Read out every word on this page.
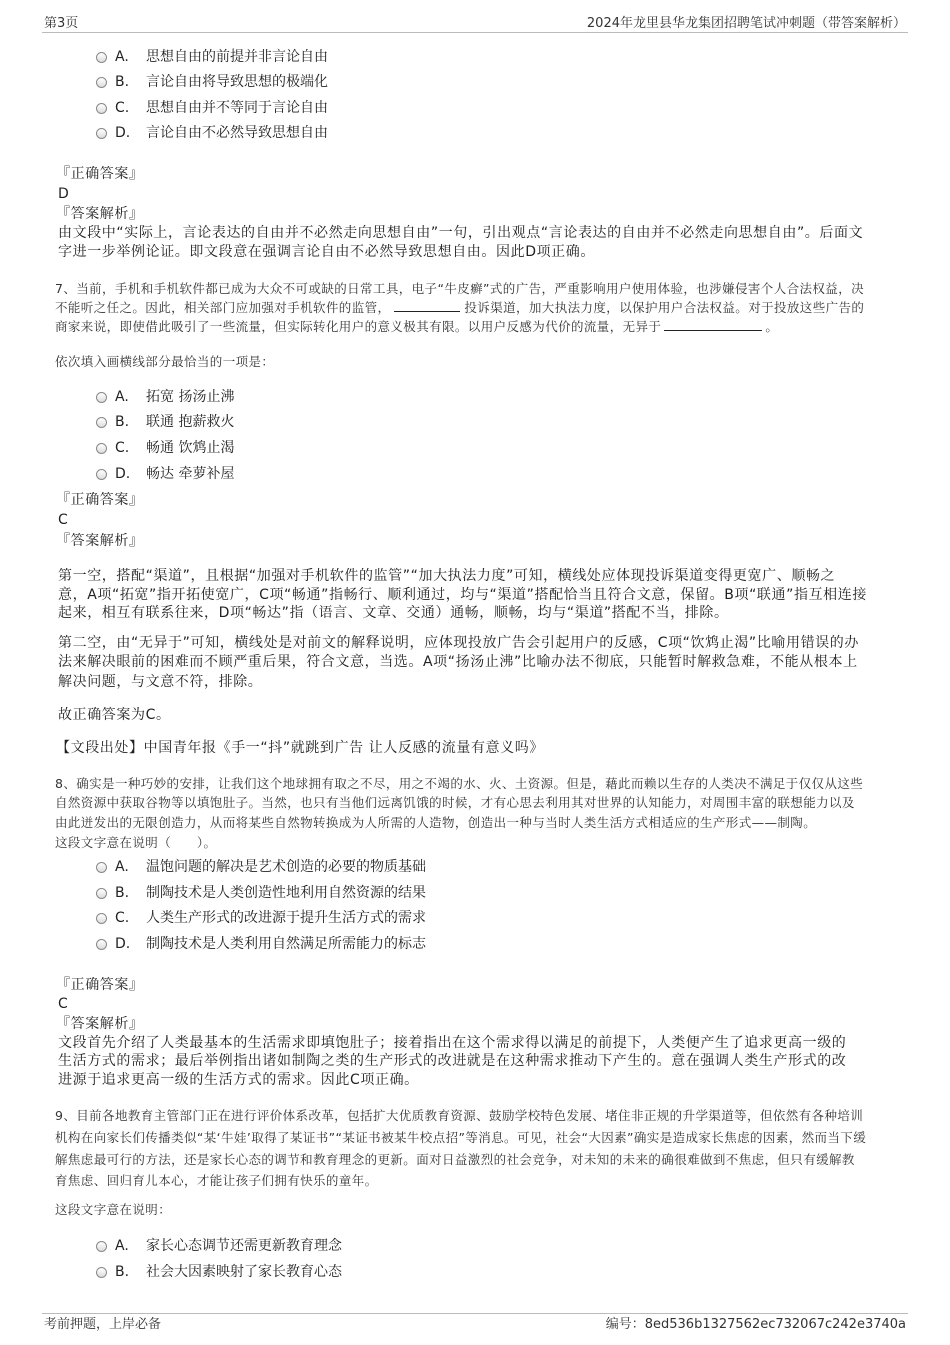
第3页	2024年龙里县华龙集团招聘笔试冲刺题（带答案解析）
A. 思想自由的前提并非言论自由
B. 言论自由将导致思想的极端化
C. 思想自由并不等同于言论自由
D. 言论自由不必然导致思想自由
『正确答案』
D
『答案解析』
由文段中“实际上，言论表达的自由并不必然走向思想自由”一句，引出观点“言论表达的自由并不必然走向思想自由”。后面文
字进一步举例论证。即文段意在强调言论自由不必然导致思想自由。因此D项正确。
7、当前，手机和手机软件都已成为大众不可或缺的日常工具，电子“牛皮癣”式的广告，严重影响用户使用体验，也涉嫌侵害个人合法权益，决
不能听之任之。因此，相关部门应加强对手机软件的监管，	投诉渠道，加大执法力度，以保护用户合法权益。对于投放这些广告的
商家来说，即使借此吸引了一些流量，但实际转化用户的意义极其有限。以用户反感为代价的流量，无异于	。
依次填入画横线部分最恰当的一项是：
A. 拓宽 扬汤止沸
B. 联通 抱薪救火
C. 畅通 饮鸩止渴
D. 畅达 牵萝补屋
『正确答案』
C
『答案解析』
第一空，搭配“渠道”，且根据“加强对手机软件的监管”“加大执法力度”可知，横线处应体现投诉渠道变得更宽广、顺畅之
意，A项“拓宽”指开拓使宽广，C项“畅通”指畅行、顺利通过，均与“渠道”搭配恰当且符合文意，保留。B项“联通”指互相连接
起来，相互有联系往来，D项“畅达”指（语言、文章、交通）通畅，顺畅，均与“渠道”搭配不当，排除。
第二空，由“无异于”可知，横线处是对前文的解释说明，应体现投放广告会引起用户的反感，C项“饮鸩止渴”比喻用错误的办
法来解决眼前的困难而不顾严重后果，符合文意，当选。A项“扬汤止沸”比喻办法不彻底，只能暂时解救急难，不能从根本上
解决问题，与文意不符，排除。
故正确答案为C。
【文段出处】中国青年报《手一“抖”就跳到广告 让人反感的流量有意义吗》
8、确实是一种巧妙的安排，让我们这个地球拥有取之不尽，用之不竭的水、火、土资源。但是，藉此而赖以生存的人类决不满足于仅仅从这些
自然资源中获取谷物等以填饱肚子。当然，也只有当他们远离饥饿的时候，才有心思去利用其对世界的认知能力，对周围丰富的联想能力以及
由此迸发出的无限创造力，从而将某些自然物转换成为人所需的人造物，创造出一种与当时人类生活方式相适应的生产形式——制陶。
这段文字意在说明（　　）。
A. 温饱问题的解决是艺术创造的必要的物质基础
B. 制陶技术是人类创造性地利用自然资源的结果
C. 人类生产形式的改进源于提升生活方式的需求
D. 制陶技术是人类利用自然满足所需能力的标志
『正确答案』
C
『答案解析』
文段首先介绍了人类最基本的生活需求即填饱肚子；接着指出在这个需求得以满足的前提下，人类便产生了追求更高一级的
生活方式的需求；最后举例指出诸如制陶之类的生产形式的改进就是在这种需求推动下产生的。意在强调人类生产形式的改
进源于追求更高一级的生活方式的需求。因此C项正确。
9、目前各地教育主管部门正在进行评价体系改革，包括扩大优质教育资源、鼓励学校特色发展、堵住非正规的升学渠道等，但依然有各种培训
机构在向家长们传播类似“某‘牛娃’取得了某证书”“某证书被某牛校点招”等消息。可见，社会“大因素”确实是造成家长焦虑的因素，然而当下缓
解焦虑最可行的方法，还是家长心态的调节和教育理念的更新。面对日益激烈的社会竞争，对未知的未来的确很难做到不焦虑，但只有缓解教
育焦虑、回归育儿本心，才能让孩子们拥有快乐的童年。
这段文字意在说明：
A. 家长心态调节还需更新教育理念
B. 社会大因素映射了家长教育心态
考前押题，上岸必备	编号：8ed536b1327562ec732067c242e3740a
